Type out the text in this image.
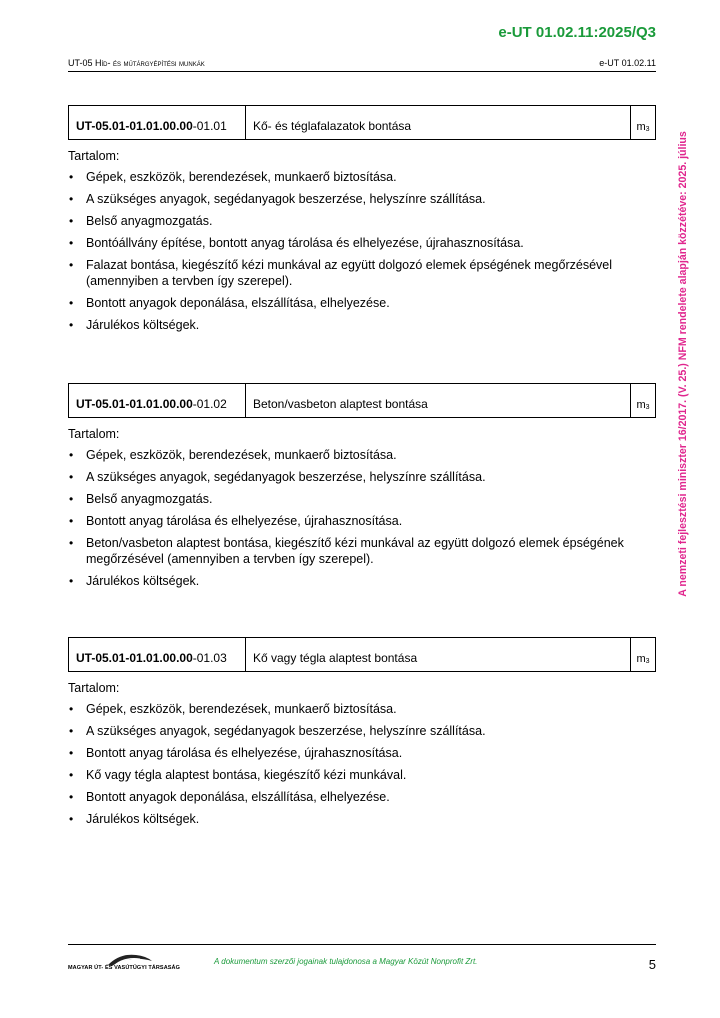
e-UT 01.02.11:2025/Q3
UT-05 Híd- és műtárgyépítési munkák	e-UT 01.02.11
A nemzeti fejlesztési miniszter 16/2017. (V. 25.) NFM rendelete alapján közzétéve: 2025. július
UT-05.01-01.01.00.00 -01.01	Kő- és téglafalazatok bontása	$m_3$
Tartalom:
• Gépek, eszközök, berendezések, munkaerő biztosítása.
• A szükséges anyagok, segédanyagok beszerzése, helyszínre szállítása.
• Belső anyagmozgatás.
• Bontóállvány építése, bontott anyag tárolása és elhelyezése, újrahasznosítása.
• Falazat bontása, kiegészítő kézi munkával az együtt dolgozó elemek épségének megőrzésével (amennyiben a tervben így szerepel).
• Bontott anyagok deponálása, elszállítása, elhelyezése.
• Járulékos költségek.
UT-05.01-01.01.00.00 -01.02	Beton/vasbeton alaptest bontása	$m_3$
Tartalom:
• Gépek, eszközök, berendezések, munkaerő biztosítása.
• A szükséges anyagok, segédanyagok beszerzése, helyszínre szállítása.
• Belső anyagmozgatás.
• Bontott anyag tárolása és elhelyezése, újrahasznosítása.
• Beton/vasbeton alaptest bontása, kiegészítő kézi munkával az együtt dolgozó elemek épségének megőrzésével (amennyiben a tervben így szerepel).
• Járulékos költségek.
UT-05.01-01.01.00.00 -01.03	Kő vagy tégla alaptest bontása	$m_3$
Tartalom:
• Gépek, eszközök, berendezések, munkaerő biztosítása.
• A szükséges anyagok, segédanyagok beszerzése, helyszínre szállítása.
• Bontott anyag tárolása és elhelyezése, újrahasznosítása.
• Kő vagy tégla alaptest bontása, kiegészítő kézi munkával.
• Bontott anyagok deponálása, elszállítása, elhelyezése.
• Járulékos költségek.
MAGYAR ÚT- ÉS VASÚTÜGYI TÁRSASÁG
A dokumentum szerzői jogainak tulajdonosa a Magyar Közút Nonprofit Zrt.	5
